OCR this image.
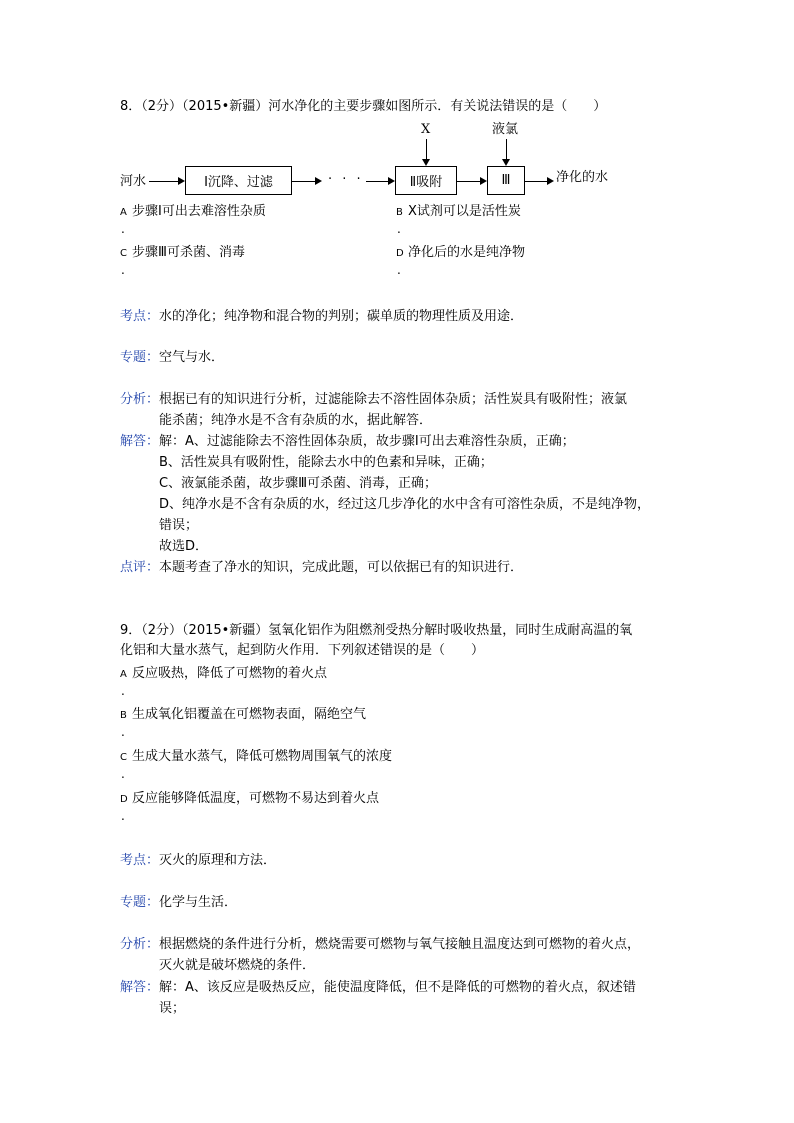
8．（2分）（2015•新疆）河水净化的主要步骤如图所示．有关说法错误的是（　　）
河水	Ⅰ沉降、过滤	· · ·	Ⅱ吸附
X
Ⅲ
液氯
净化的水
A 步骤Ⅰ可出去难溶性杂质
.
B X试剂可以是活性炭
.
C 步骤Ⅲ可杀菌、消毒
.
D 净化后的水是纯净物
.
考点：水的净化；纯净物和混合物的判别；碳单质的物理性质及用途．
专题：空气与水．
分析：根据已有的知识进行分析，过滤能除去不溶性固体杂质；活性炭具有吸附性；液氯
能杀菌；纯净水是不含有杂质的水，据此解答．
解答：解：A、过滤能除去不溶性固体杂质，故步骤Ⅰ可出去难溶性杂质，正确；
B、活性炭具有吸附性，能除去水中的色素和异味，正确；
C、液氯能杀菌，故步骤Ⅲ可杀菌、消毒，正确；
D、纯净水是不含有杂质的水，经过这几步净化的水中含有可溶性杂质，不是纯净物，
错误；
故选D．
点评：本题考查了净水的知识，完成此题，可以依据已有的知识进行．
9．（2分）（2015•新疆）氢氧化铝作为阻燃剂受热分解时吸收热量，同时生成耐高温的氧
化铝和大量水蒸气，起到防火作用．下列叙述错误的是（　　）
A 反应吸热，降低了可燃物的着火点
.
B 生成氧化铝覆盖在可燃物表面，隔绝空气
.
C 生成大量水蒸气，降低可燃物周围氧气的浓度
.
D 反应能够降低温度，可燃物不易达到着火点
.
考点：灭火的原理和方法．
专题：化学与生活．
分析：根据燃烧的条件进行分析，燃烧需要可燃物与氧气接触且温度达到可燃物的着火点，
灭火就是破坏燃烧的条件．
解答：解：A、该反应是吸热反应，能使温度降低，但不是降低的可燃物的着火点，叙述错
误；
